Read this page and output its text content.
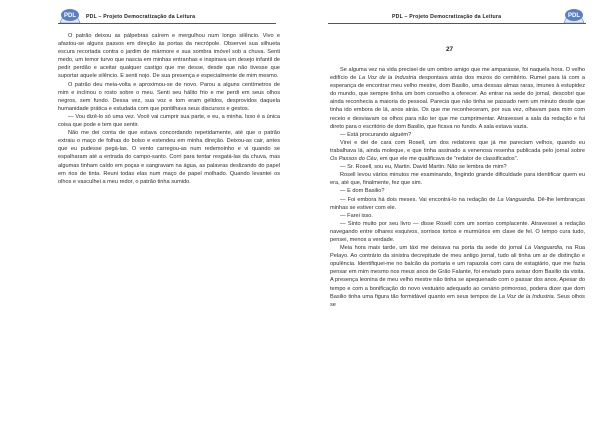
PDL PDL – Projeto Democratização da Leitura

O patrão deixou as pálpebras caírem e mergulhou num longo silêncio. Vivo e afastou-se alguns passos em direção às portas da necrópole. Observei sua silhueta escura recortada contra o jardim de mármore e sua sombra imóvel sob a chuva. Senti medo, um temor turvo que nascia em minhas entranhas e inspirava um desejo infantil de pedir perdão e aceitar qualquer castigo que me desse, desde que não tivesse que suportar aquele silêncio. E senti nojo. De sua presença e especialmente de mim mesmo.

O patrão deu meia-volta e aproximou-se de novo. Parou a alguns centímetros de mim e inclinou o rosto sobre o meu. Senti seu hálito frio e me perdi em seus olhos negros, sem fundo. Dessa vez, sua voz e tom eram gélidos, desprovidos daquela humanidade prática e estudada com que pontilhava seus discursos e gestos.

— Vou dizê-lo só uma vez. Você vai cumprir sua parte, e eu, a minha. Isso é a única coisa que pode e tem que sentir.

Não me dei conta de que estava concordando repetidamente, até que o patrão extraiu o maço de folhas do bolso e estendeu em minha direção. Deixou-as cair, antes que eu pudesse pegá-las. O vento carregou-as num redemoinho e vi quando se espalharam até a entrada do campo-santo. Corri para tentar resgatá-las da chuva, mas algumas tinham caído em poças e sangravam na água, as palavras deslizando do papel em rios de tinta. Reuni todas elas num maço de papel molhado. Quando levantei os olhos e vasculhei a meu redor, o patrão tinha sumido.

PDL – Projeto Democratização da Leitura	PDL
27

Se alguma vez na vida precisei de um ombro amigo que me amparasse, foi naquela hora. O velho edifício de La Voz de la Industria despontava atrás dos muros do cemitério. Rumei para lá com a esperança de encontrar meu velho mestre, dom Basilio, uma dessas almas raras, imunes à estupidez do mundo, que sempre tinha um bom conselho a oferecer. Ao entrar na sede do jornal, descobri que ainda reconhecia a maioria do pessoal. Parecia que não tinha se passado nem um minuto desde que tinha ido embora de lá, anos atrás. Os que me reconheceram, por sua vez, olhavam para mim com receio e desviavam os olhos para não ter que me cumprimentar. Atravessei a sala da redação e fui direto para o escritório de dom Basilio, que ficava no fundo. A sala estava vazia.

— Está procurando alguém?

Virei e dei de cara com Rosell, um dos redatores que já me pareciam velhos, quando eu trabalhava lá, ainda moleque, e que tinha assinado a venenosa resenha publicada pelo jornal sobre Os Passos do Céu, em que ele me qualificava de “redator de classificados”.

— Sr. Rosell, sou eu, Martin. David Martin. Não se lembra de mim?

Rosell levou vários minutos me examinando, fingindo grande dificuldade para identificar quem eu era, até que, finalmente, fez que sim.

— E dom Basilio?

— Foi embora há dois meses. Vai encontrá-lo na redação de La Vanguardia. Dê-lhe lembranças minhas se estiver com ele.

— Farei isso.

— Sinto muito por seu livro — disse Rosell com um sorriso complacente. Atravessei a redação navegando entre olhares esquivos, sorrisos tortos e murmúrios em clave de fel. O tempo cura tudo, pensei, menos a verdade.

Meia hora mais tarde, um táxi me deixava na porta da sede do jornal La Vanguardia, na Rua Pelayo. Ao contrário da sinistra decrepitude de meu antigo jornal, tudo ali tinha um ar de distinção e opulência. Identifiquei-me no balcão da portaria e um rapazola com cara de estagiário, que me fazia pensar em mim mesmo nos meus anos de Grão Falante, foi enviado para avisar dom Basilio da visita. A presença leonina de meu velho mestre não tinha se apequenado com o passar dos anos. Apesar do tempo e com a bonificação do novo vestuário adequado ao cenário primoroso, podera dizer que dom Basilio tinha uma figura tão formidável quanto em seus tempos de La Voz de la Industria. Seus olhos se
